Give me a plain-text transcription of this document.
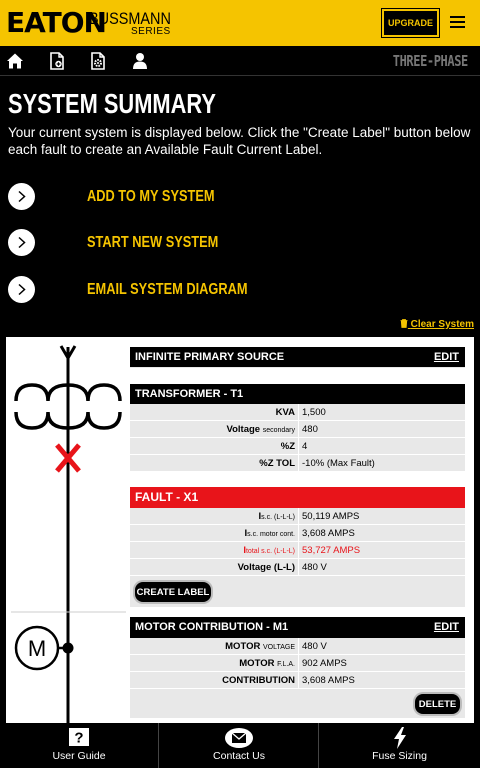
EATON
BUSSMANN
SERIES
UPGRADE
THREE-PHASE
SYSTEM SUMMARY
Your current system is displayed below. Click the "Create Label" button below each fault to create an Available Fault Current Label.
ADD TO MY SYSTEM
START NEW SYSTEM
EMAIL SYSTEM DIAGRAM
Clear System
M
INFINITE PRIMARY SOURCE	EDIT
TRANSFORMER - T1
KVA 1,500
Voltage secondary 480
%Z 4
%Z TOL -10% (Max Fault)
FAULT - X1
Is.c. (L-L-L) 50,119 AMPS
Is.c. motor cont. 3,608 AMPS
Itotal s.c. (L-L-L) 53,727 AMPS
Voltage (L-L) 480 V
CREATE LABEL
MOTOR CONTRIBUTION - M1	EDIT
MOTOR VOLTAGE 480 V
MOTOR F.L.A. 902 AMPS
CONTRIBUTION 3,608 AMPS
DELETE
?
User Guide	Contact Us	Fuse Sizing
